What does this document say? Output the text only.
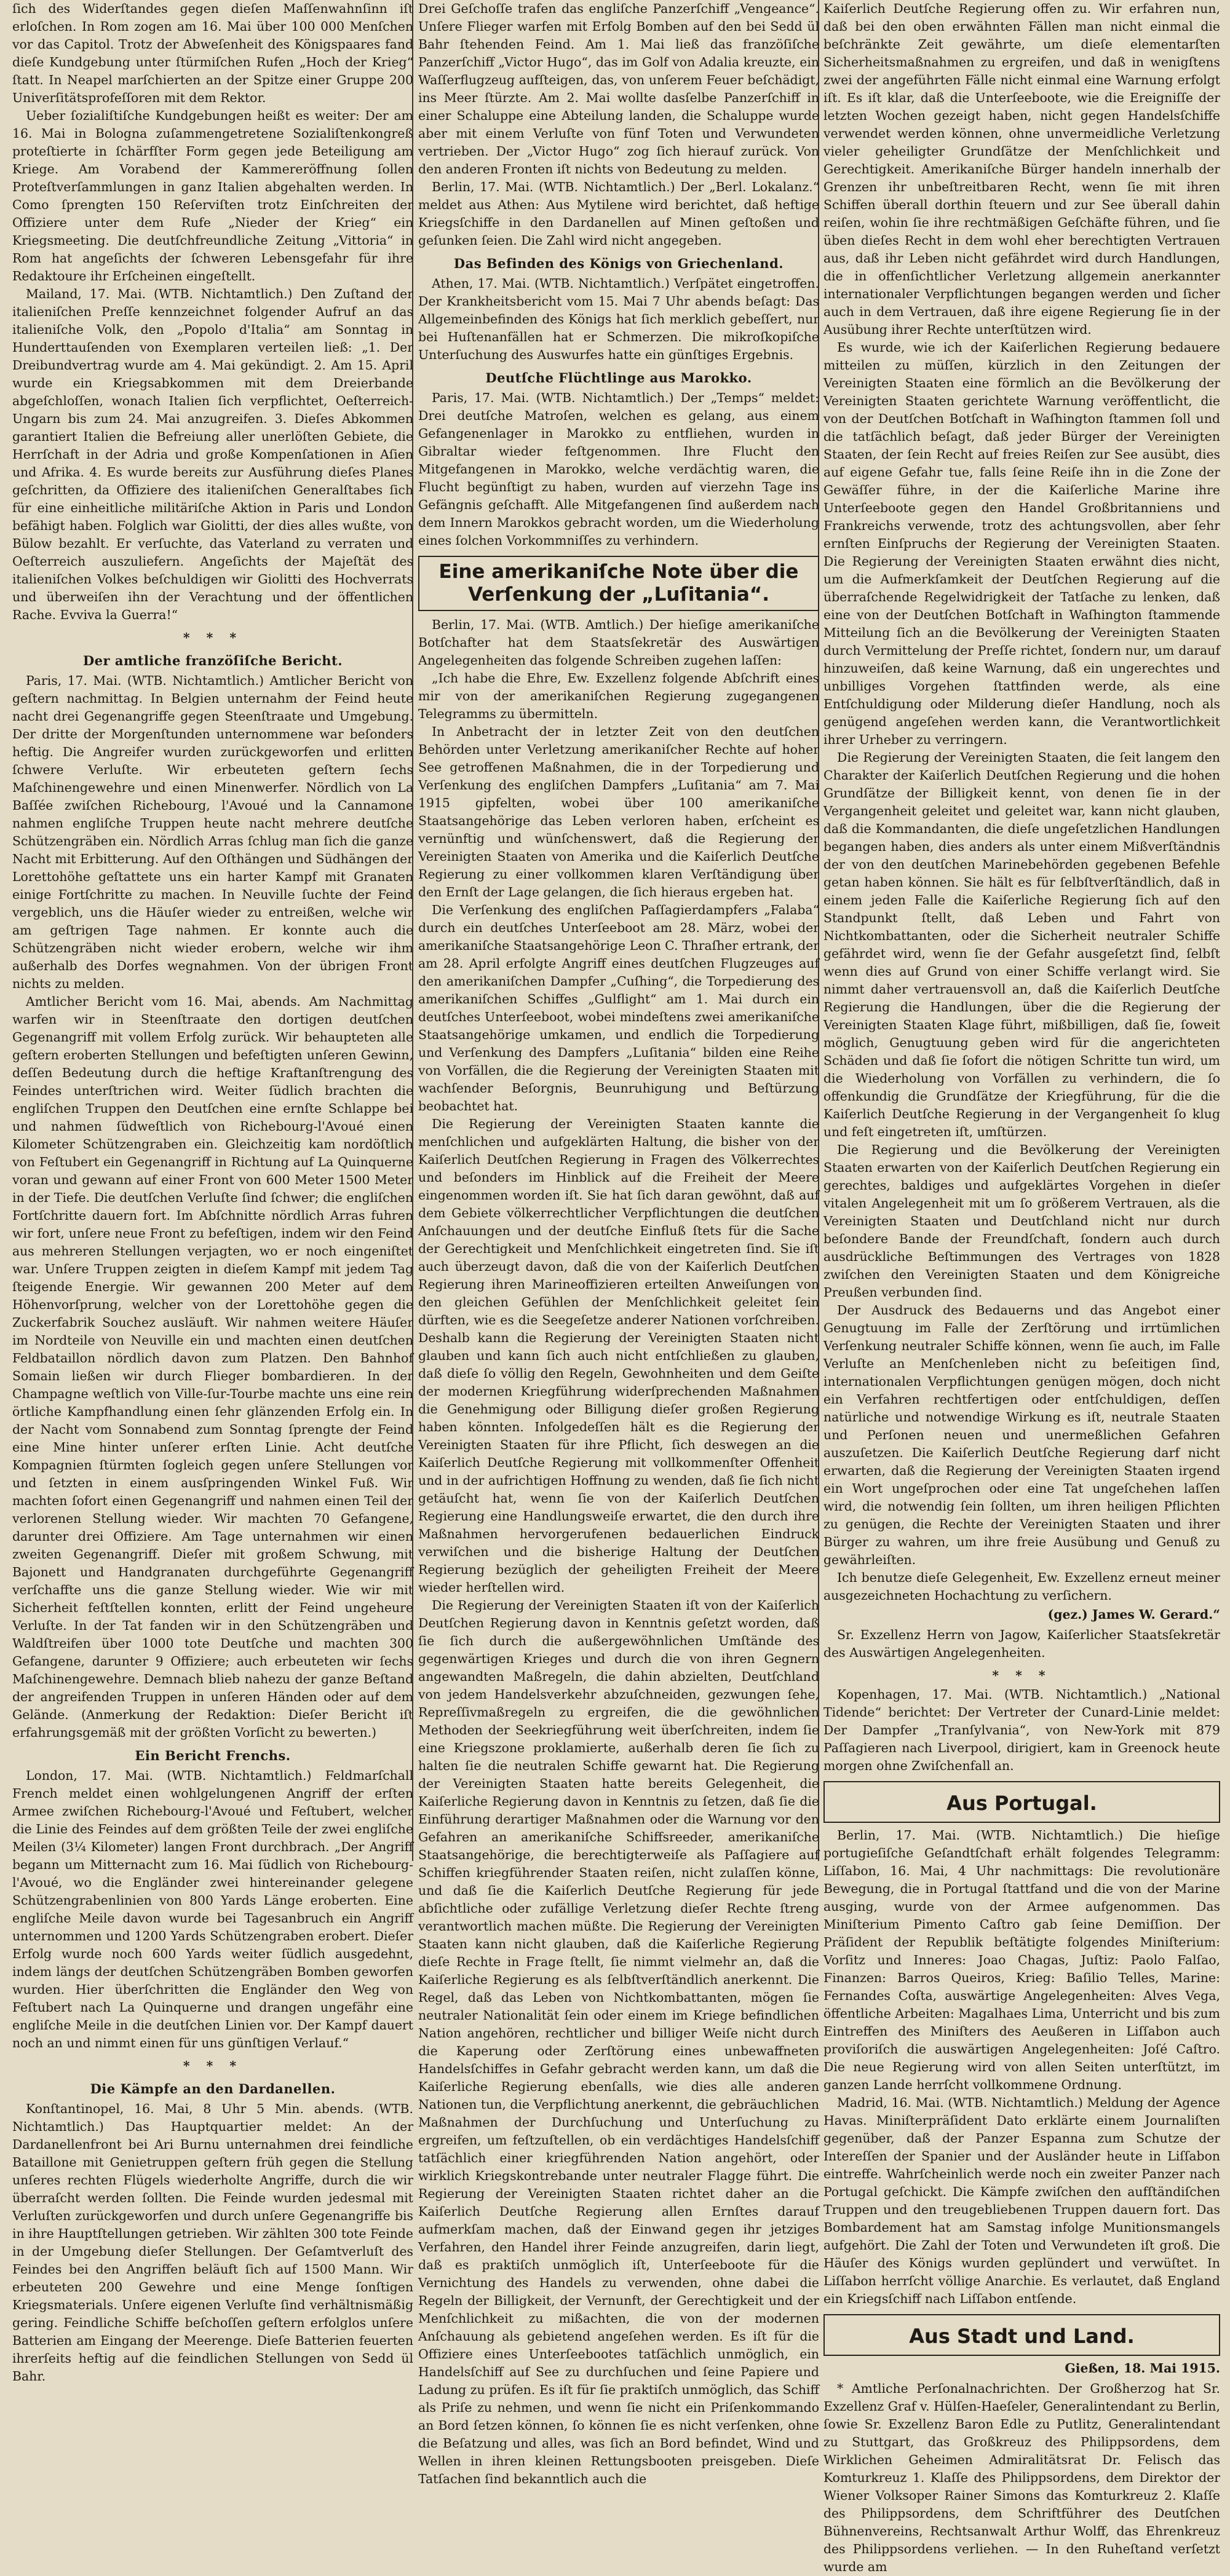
ſich des Widerſtandes gegen dieſen Maſſenwahnſinn iſt erloſchen. In Rom zogen am 16. Mai über 100 000 Menſchen vor das Capitol. Trotz der Abweſenheit des Königspaares fand dieſe Kundgebung unter ſtürmiſchen Rufen „Hoch der Krieg“ ſtatt. In Neapel marſchierten an der Spitze einer Gruppe 200 Univerſitätsprofeſſoren mit dem Rektor.

Ueber ſozialiſtiſche Kundgebungen heißt es weiter: Der am 16. Mai in Bologna zuſammengetretene Sozialiſtenkongreß proteſtierte in ſchärfſter Form gegen jede Beteiligung am Kriege. Am Vorabend der Kammereröffnung ſollen Proteſtverſammlungen in ganz Italien abgehalten werden. In Como ſprengten 150 Reſerviſten trotz Einſchreiten der Offiziere unter dem Rufe „Nieder der Krieg“ ein Kriegsmeeting. Die deutſchfreundliche Zeitung „Vittoria“ in Rom hat angeſichts der ſchweren Lebensgefahr für ihre Redaktoure ihr Erſcheinen eingeſtellt.

Mailand, 17. Mai. (WTB. Nichtamtlich.) Den Zuſtand der italieniſchen Preſſe kennzeichnet folgender Aufruf an das italieniſche Volk, den „Popolo d'Italia“ am Sonntag in Hunderttauſenden von Exemplaren verteilen ließ: „1. Der Dreibundvertrag wurde am 4. Mai gekündigt. 2. Am 15. April wurde ein Kriegsabkommen mit dem Dreierbande abgeſchloſſen, wonach Italien ſich verpflichtet, Oeſterreich-Ungarn bis zum 24. Mai anzugreifen. 3. Dieſes Abkommen garantiert Italien die Befreiung aller unerlöſten Gebiete, die Herrſchaft in der Adria und große Kompenſationen in Aſien und Afrika. 4. Es wurde bereits zur Ausführung dieſes Planes geſchritten, da Offiziere des italieniſchen Generalſtabes ſich für eine einheitliche militäriſche Aktion in Paris und London befähigt haben. Folglich war Giolitti, der dies alles wußte, von Bülow bezahlt. Er verſuchte, das Vaterland zu verraten und Oeſterreich auszuliefern. Angeſichts der Majeſtät des italieniſchen Volkes beſchuldigen wir Giolitti des Hochverrats und überweiſen ihn der Verachtung und der öffentlichen Rache. Evviva la Guerra!“

* * *
Der amtliche franzöſiſche Bericht.

Paris, 17. Mai. (WTB. Nichtamtlich.) Amtlicher Bericht von geſtern nachmittag. In Belgien unternahm der Feind heute nacht drei Gegenangriffe gegen Steenſtraate und Umgebung. Der dritte der Morgenſtunden unternommene war beſonders heftig. Die Angreifer wurden zurückgeworfen und erlitten ſchwere Verluſte. Wir erbeuteten geſtern ſechs Maſchinengewehre und einen Minenwerfer. Nördlich von La Baſſée zwiſchen Richebourg, l'Avoué und la Cannamone nahmen engliſche Truppen heute nacht mehrere deutſche Schützengräben ein. Nördlich Arras ſchlug man ſich die ganze Nacht mit Erbitterung. Auf den Oſthängen und Südhängen der Lorettohöhe geſtattete uns ein harter Kampf mit Granaten einige Fortſchritte zu machen. In Neuville ſuchte der Feind vergeblich, uns die Häuſer wieder zu entreißen, welche wir am geſtrigen Tage nahmen. Er konnte auch die Schützengräben nicht wieder erobern, welche wir ihm außerhalb des Dorfes wegnahmen. Von der übrigen Front nichts zu melden.

Amtlicher Bericht vom 16. Mai, abends. Am Nachmittag warfen wir in Steenſtraate den dortigen deutſchen Gegenangriff mit vollem Erfolg zurück. Wir behaupteten alle geſtern eroberten Stellungen und befeſtigten unſeren Gewinn, deſſen Bedeutung durch die heftige Kraftanſtrengung des Feindes unterſtrichen wird. Weiter ſüdlich brachten die engliſchen Truppen den Deutſchen eine ernſte Schlappe bei und nahmen ſüdweſtlich von Richebourg-l'Avoué einen Kilometer Schützengraben ein. Gleichzeitig kam nordöſtlich von Feſtubert ein Gegenangriff in Richtung auf La Quinquerne voran und gewann auf einer Front von 600 Meter 1500 Meter in der Tiefe. Die deutſchen Verluſte ſind ſchwer; die engliſchen Fortſchritte dauern fort. Im Abſchnitte nördlich Arras fuhren wir fort, unſere neue Front zu befeſtigen, indem wir den Feind aus mehreren Stellungen verjagten, wo er noch eingeniſtet war. Unſere Truppen zeigten in dieſem Kampf mit jedem Tag ſteigende Energie. Wir gewannen 200 Meter auf dem Höhenvorſprung, welcher von der Lorettohöhe gegen die Zuckerfabrik Souchez ausläuft. Wir nahmen weitere Häuſer im Nordteile von Neuville ein und machten einen deutſchen Feldbataillon nördlich davon zum Platzen. Den Bahnhof Somain ließen wir durch Flieger bombardieren. In der Champagne weſtlich von Ville-ſur-Tourbe machte uns eine rein örtliche Kampfhandlung einen ſehr glänzenden Erfolg ein. In der Nacht vom Sonnabend zum Sonntag ſprengte der Feind eine Mine hinter unſerer erſten Linie. Acht deutſche Kompagnien ſtürmten ſogleich gegen unſere Stellungen vor und ſetzten in einem ausſpringenden Winkel Fuß. Wir machten ſofort einen Gegenangriff und nahmen einen Teil der verlorenen Stellung wieder. Wir machten 70 Gefangene, darunter drei Offiziere. Am Tage unternahmen wir einen zweiten Gegenangriff. Dieſer mit großem Schwung, mit Bajonett und Handgranaten durchgeführte Gegenangriff verſchaffte uns die ganze Stellung wieder. Wie wir mit Sicherheit feſtſtellen konnten, erlitt der Feind ungeheure Verluſte. In der Tat fanden wir in den Schützengräben und Waldſtreifen über 1000 tote Deutſche und machten 300 Gefangene, darunter 9 Offiziere; auch erbeuteten wir ſechs Maſchinengewehre. Demnach blieb nahezu der ganze Beſtand der angreifenden Truppen in unſeren Händen oder auf dem Gelände. (Anmerkung der Redaktion: Dieſer Bericht iſt erfahrungsgemäß mit der größten Vorſicht zu bewerten.)

Ein Bericht Frenchs.

London, 17. Mai. (WTB. Nichtamtlich.) Feldmarſchall French meldet einen wohlgelungenen Angriff der erſten Armee zwiſchen Richebourg-l'Avoué und Feſtubert, welcher die Linie des Feindes auf dem größten Teile der zwei engliſche Meilen (3¼ Kilometer) langen Front durchbrach. „Der Angriff begann um Mitternacht zum 16. Mai ſüdlich von Richebourg-l'Avoué, wo die Engländer zwei hintereinander gelegene Schützengrabenlinien von 800 Yards Länge eroberten. Eine engliſche Meile davon wurde bei Tagesanbruch ein Angriff unternommen und 1200 Yards Schützengraben erobert. Dieſer Erfolg wurde noch 600 Yards weiter ſüdlich ausgedehnt, indem längs der deutſchen Schützengräben Bomben geworfen wurden. Hier überſchritten die Engländer den Weg von Feſtubert nach La Quinquerne und drangen ungefähr eine engliſche Meile in die deutſchen Linien vor. Der Kampf dauert noch an und nimmt einen für uns günſtigen Verlauf.“

* * *
Die Kämpfe an den Dardanellen.

Konſtantinopel, 16. Mai, 8 Uhr 5 Min. abends. (WTB. Nichtamtlich.) Das Hauptquartier meldet: An der Dardanellenfront bei Ari Burnu unternahmen drei feindliche Bataillone mit Genietruppen geſtern früh gegen die Stellung unſeres rechten Flügels wiederholte Angriffe, durch die wir überraſcht werden ſollten. Die Feinde wurden jedesmal mit Verluſten zurückgeworfen und durch unſere Gegenangriffe bis in ihre Hauptſtellungen getrieben. Wir zählten 300 tote Feinde in der Umgebung dieſer Stellungen. Der Geſamtverluſt des Feindes bei den Angriffen beläuft ſich auf 1500 Mann. Wir erbeuteten 200 Gewehre und eine Menge ſonſtigen Kriegsmaterials. Unſere eigenen Verluſte ſind verhältnismäßig gering. Feindliche Schiffe beſchoſſen geſtern erfolglos unſere Batterien am Eingang der Meerenge. Dieſe Batterien feuerten ihrerſeits heftig auf die feindlichen Stellungen von Sedd ül Bahr.

Drei Geſchoſſe trafen das engliſche Panzerſchiff „Vengeance“. Unſere Flieger warfen mit Erfolg Bomben auf den bei Sedd ül Bahr ſtehenden Feind. Am 1. Mai ließ das franzöſiſche Panzerſchiff „Victor Hugo“, das im Golf von Adalia kreuzte, ein Waſſerflugzeug aufſteigen, das, von unſerem Feuer beſchädigt, ins Meer ſtürzte. Am 2. Mai wollte dasſelbe Panzerſchiff in einer Schaluppe eine Abteilung landen, die Schaluppe wurde aber mit einem Verluſte von fünf Toten und Verwundeten vertrieben. Der „Victor Hugo“ zog ſich hierauf zurück. Von den anderen Fronten iſt nichts von Bedeutung zu melden.

Berlin, 17. Mai. (WTB. Nichtamtlich.) Der „Berl. Lokalanz.“ meldet aus Athen: Aus Mytilene wird berichtet, daß heftige Kriegsſchiffe in den Dardanellen auf Minen geſtoßen und geſunken ſeien. Die Zahl wird nicht angegeben.

Das Befinden des Königs von Griechenland.

Athen, 17. Mai. (WTB. Nichtamtlich.) Verſpätet eingetroffen. Der Krankheitsbericht vom 15. Mai 7 Uhr abends beſagt: Das Allgemeinbefinden des Königs hat ſich merklich gebeſſert, nur bei Huſtenanfällen hat er Schmerzen. Die mikroſkopiſche Unterſuchung des Auswurfes hatte ein günſtiges Ergebnis.

Deutſche Flüchtlinge aus Marokko.

Paris, 17. Mai. (WTB. Nichtamtlich.) Der „Temps“ meldet: Drei deutſche Matroſen, welchen es gelang, aus einem Gefangenenlager in Marokko zu entfliehen, wurden in Gibraltar wieder feſtgenommen. Ihre Flucht den Mitgefangenen in Marokko, welche verdächtig waren, die Flucht begünſtigt zu haben, wurden auf vierzehn Tage ins Gefängnis geſchafft. Alle Mitgefangenen ſind außerdem nach dem Innern Marokkos gebracht worden, um die Wiederholung eines ſolchen Vorkommniſſes zu verhindern.

Eine amerikaniſche Note über die Verſenkung der „Luſitania“.

Berlin, 17. Mai. (WTB. Amtlich.) Der hieſige amerikaniſche Botſchafter hat dem Staatsſekretär des Auswärtigen Angelegenheiten das folgende Schreiben zugehen laſſen:

„Ich habe die Ehre, Ew. Exzellenz folgende Abſchrift eines mir von der amerikaniſchen Regierung zugegangenen Telegramms zu übermitteln.

In Anbetracht der in letzter Zeit von den deutſchen Behörden unter Verletzung amerikaniſcher Rechte auf hoher See getroffenen Maßnahmen, die in der Torpedierung und Verſenkung des engliſchen Dampfers „Luſitania“ am 7. Mai 1915 gipfelten, wobei über 100 amerikaniſche Staatsangehörige das Leben verloren haben, erſcheint es vernünftig und wünſchenswert, daß die Regierung der Vereinigten Staaten von Amerika und die Kaiſerlich Deutſche Regierung zu einer vollkommen klaren Verſtändigung über den Ernſt der Lage gelangen, die ſich hieraus ergeben hat.

Die Verſenkung des engliſchen Paſſagierdampfers „Falaba“ durch ein deutſches Unterſeeboot am 28. März, wobei der amerikaniſche Staatsangehörige Leon C. Thraſher ertrank, der am 28. April erfolgte Angriff eines deutſchen Flugzeuges auf den amerikaniſchen Dampfer „Cuſhing“, die Torpedierung des amerikaniſchen Schiffes „Gulflight“ am 1. Mai durch ein deutſches Unterſeeboot, wobei mindeſtens zwei amerikaniſche Staatsangehörige umkamen, und endlich die Torpedierung und Verſenkung des Dampfers „Luſitania“ bilden eine Reihe von Vorfällen, die die Regierung der Vereinigten Staaten mit wachſender Beſorgnis, Beunruhigung und Beſtürzung beobachtet hat.

Die Regierung der Vereinigten Staaten kannte die menſchlichen und aufgeklärten Haltung, die bisher von der Kaiſerlich Deutſchen Regierung in Fragen des Völkerrechtes und beſonders im Hinblick auf die Freiheit der Meere eingenommen worden iſt. Sie hat ſich daran gewöhnt, daß auf dem Gebiete völkerrechtlicher Verpflichtungen die deutſchen Anſchauungen und der deutſche Einfluß ſtets für die Sache der Gerechtigkeit und Menſchlichkeit eingetreten ſind. Sie iſt auch überzeugt davon, daß die von der Kaiſerlich Deutſchen Regierung ihren Marineoffizieren erteilten Anweiſungen von den gleichen Gefühlen der Menſchlichkeit geleitet ſein dürften, wie es die Seegeſetze anderer Nationen vorſchreiben. Deshalb kann die Regierung der Vereinigten Staaten nicht glauben und kann ſich auch nicht entſchließen zu glauben, daß dieſe ſo völlig den Regeln, Gewohnheiten und dem Geiſte der modernen Kriegführung widerſprechenden Maßnahmen die Genehmigung oder Billigung dieſer großen Regierung haben könnten. Infolgedeſſen hält es die Regierung der Vereinigten Staaten für ihre Pflicht, ſich deswegen an die Kaiſerlich Deutſche Regierung mit vollkommenſter Offenheit und in der aufrichtigen Hoffnung zu wenden, daß ſie ſich nicht getäuſcht hat, wenn ſie von der Kaiſerlich Deutſchen Regierung eine Handlungsweiſe erwartet, die den durch ihre Maßnahmen hervorgerufenen bedauerlichen Eindruck verwiſchen und die bisherige Haltung der Deutſchen Regierung bezüglich der geheiligten Freiheit der Meere wieder herſtellen wird.

Die Regierung der Vereinigten Staaten iſt von der Kaiſerlich Deutſchen Regierung davon in Kenntnis geſetzt worden, daß ſie ſich durch die außergewöhnlichen Umſtände des gegenwärtigen Krieges und durch die von ihren Gegnern angewandten Maßregeln, die dahin abzielten, Deutſchland von jedem Handelsverkehr abzuſchneiden, gezwungen ſehe, Repreſſivmaßregeln zu ergreifen, die die gewöhnlichen Methoden der Seekriegführung weit überſchreiten, indem ſie eine Kriegszone proklamierte, außerhalb deren ſie ſich zu halten ſie die neutralen Schiffe gewarnt hat. Die Regierung der Vereinigten Staaten hatte bereits Gelegenheit, die Kaiſerliche Regierung davon in Kenntnis zu ſetzen, daß ſie die Einführung derartiger Maßnahmen oder die Warnung vor den Gefahren an amerikaniſche Schiffsreeder, amerikaniſche Staatsangehörige, die berechtigterweiſe als Paſſagiere auf Schiffen kriegführender Staaten reiſen, nicht zulaſſen könne, und daß ſie die Kaiſerlich Deutſche Regierung für jede abſichtliche oder zufällige Verletzung dieſer Rechte ſtreng verantwortlich machen müßte. Die Regierung der Vereinigten Staaten kann nicht glauben, daß die Kaiſerliche Regierung dieſe Rechte in Frage ſtellt, ſie nimmt vielmehr an, daß die Kaiſerliche Regierung es als ſelbſtverſtändlich anerkennt. Die Regel, daß das Leben von Nichtkombattanten, mögen ſie neutraler Nationalität ſein oder einem im Kriege befindlichen Nation angehören, rechtlicher und billiger Weiſe nicht durch die Kaperung oder Zerſtörung eines unbewaffneten Handelsſchiffes in Gefahr gebracht werden kann, um daß die Kaiſerliche Regierung ebenſalls, wie dies alle anderen Nationen tun, die Verpflichtung anerkennt, die gebräuchlichen Maßnahmen der Durchſuchung und Unterſuchung zu ergreifen, um feſtzuſtellen, ob ein verdächtiges Handelsſchiff tatſächlich einer kriegführenden Nation angehört, oder wirklich Kriegskontrebande unter neutraler Flagge führt. Die Regierung der Vereinigten Staaten richtet daher an die Kaiſerlich Deutſche Regierung allen Ernſtes darauf aufmerkſam machen, daß der Einwand gegen ihr jetziges Verfahren, den Handel ihrer Feinde anzugreifen, darin liegt, daß es praktiſch unmöglich iſt, Unterſeeboote für die Vernichtung des Handels zu verwenden, ohne dabei die Regeln der Billigkeit, der Vernunft, der Gerechtigkeit und der Menſchlichkeit zu mißachten, die von der modernen Anſchauung als gebietend angeſehen werden. Es iſt für die Offiziere eines Unterſeebootes tatſächlich unmöglich, ein Handelsſchiff auf See zu durchſuchen und ſeine Papiere und Ladung zu prüfen. Es iſt für ſie praktiſch unmöglich, das Schiff als Priſe zu nehmen, und wenn ſie nicht ein Priſenkommando an Bord ſetzen können, ſo können ſie es nicht verſenken, ohne die Beſatzung und alles, was ſich an Bord befindet, Wind und Wellen in ihren kleinen Rettungsbooten preisgeben. Dieſe Tatſachen ſind bekanntlich auch die

Kaiſerlich Deutſche Regierung offen zu. Wir erfahren nun, daß bei den oben erwähnten Fällen man nicht einmal die beſchränkte Zeit gewährte, um dieſe elementarſten Sicherheitsmaßnahmen zu ergreifen, und daß in wenigſtens zwei der angeführten Fälle nicht einmal eine Warnung erfolgt iſt. Es iſt klar, daß die Unterſeeboote, wie die Ereigniſſe der letzten Wochen gezeigt haben, nicht gegen Handelsſchiffe verwendet werden können, ohne unvermeidliche Verletzung vieler geheiligter Grundſätze der Menſchlichkeit und Gerechtigkeit. Amerikaniſche Bürger handeln innerhalb der Grenzen ihr unbeſtreitbaren Recht, wenn ſie mit ihren Schiffen überall dorthin ſteuern und zur See überall dahin reiſen, wohin ſie ihre rechtmäßigen Geſchäfte führen, und ſie üben dieſes Recht in dem wohl eher berechtigten Vertrauen aus, daß ihr Leben nicht gefährdet wird durch Handlungen, die in offenſichtlicher Verletzung allgemein anerkannter internationaler Verpflichtungen begangen werden und ſicher auch in dem Vertrauen, daß ihre eigene Regierung ſie in der Ausübung ihrer Rechte unterſtützen wird.

Es wurde, wie ich der Kaiſerlichen Regierung bedauere mitteilen zu müſſen, kürzlich in den Zeitungen der Vereinigten Staaten eine förmlich an die Bevölkerung der Vereinigten Staaten gerichtete Warnung veröffentlicht, die von der Deutſchen Botſchaft in Waſhington ſtammen ſoll und die tatſächlich beſagt, daß jeder Bürger der Vereinigten Staaten, der ſein Recht auf freies Reiſen zur See ausübt, dies auf eigene Gefahr tue, falls ſeine Reiſe ihn in die Zone der Gewäſſer führe, in der die Kaiſerliche Marine ihre Unterſeeboote gegen den Handel Großbritanniens und Frankreichs verwende, trotz des achtungsvollen, aber ſehr ernſten Einſpruchs der Regierung der Vereinigten Staaten. Die Regierung der Vereinigten Staaten erwähnt dies nicht, um die Aufmerkſamkeit der Deutſchen Regierung auf die überraſchende Regelwidrigkeit der Tatſache zu lenken, daß eine von der Deutſchen Botſchaft in Waſhington ſtammende Mitteilung ſich an die Bevölkerung der Vereinigten Staaten durch Vermittelung der Preſſe richtet, ſondern nur, um darauf hinzuweiſen, daß keine Warnung, daß ein ungerechtes und unbilliges Vorgehen ſtattfinden werde, als eine Entſchuldigung oder Milderung dieſer Handlung, noch als genügend angeſehen werden kann, die Verantwortlichkeit ihrer Urheber zu verringern.

Die Regierung der Vereinigten Staaten, die ſeit langem den Charakter der Kaiſerlich Deutſchen Regierung und die hohen Grundſätze der Billigkeit kennt, von denen ſie in der Vergangenheit geleitet und geleitet war, kann nicht glauben, daß die Kommandanten, die dieſe ungeſetzlichen Handlungen begangen haben, dies anders als unter einem Mißverſtändnis der von den deutſchen Marinebehörden gegebenen Befehle getan haben können. Sie hält es für ſelbſtverſtändlich, daß in einem jeden Falle die Kaiſerliche Regierung ſich auf den Standpunkt ſtellt, daß Leben und Fahrt von Nichtkombattanten, oder die Sicherheit neutraler Schiffe gefährdet wird, wenn ſie der Gefahr ausgeſetzt ſind, ſelbſt wenn dies auf Grund von einer Schiffe verlangt wird. Sie nimmt daher vertrauensvoll an, daß die Kaiſerlich Deutſche Regierung die Handlungen, über die die Regierung der Vereinigten Staaten Klage führt, mißbilligen, daß ſie, ſoweit möglich, Genugtuung geben wird für die angerichteten Schäden und daß ſie ſofort die nötigen Schritte tun wird, um die Wiederholung von Vorfällen zu verhindern, die ſo offenkundig die Grundſätze der Kriegführung, für die die Kaiſerlich Deutſche Regierung in der Vergangenheit ſo klug und feſt eingetreten iſt, umſtürzen.

Die Regierung und die Bevölkerung der Vereinigten Staaten erwarten von der Kaiſerlich Deutſchen Regierung ein gerechtes, baldiges und aufgeklärtes Vorgehen in dieſer vitalen Angelegenheit mit um ſo größerem Vertrauen, als die Vereinigten Staaten und Deutſchland nicht nur durch beſondere Bande der Freundſchaft, ſondern auch durch ausdrückliche Beſtimmungen des Vertrages von 1828 zwiſchen den Vereinigten Staaten und dem Königreiche Preußen verbunden ſind.

Der Ausdruck des Bedauerns und das Angebot einer Genugtuung im Falle der Zerſtörung und irrtümlichen Verſenkung neutraler Schiffe können, wenn ſie auch, im Falle Verluſte an Menſchenleben nicht zu beſeitigen ſind, internationalen Verpflichtungen genügen mögen, doch nicht ein Verfahren rechtfertigen oder entſchuldigen, deſſen natürliche und notwendige Wirkung es iſt, neutrale Staaten und Perſonen neuen und unermeßlichen Gefahren auszuſetzen. Die Kaiſerlich Deutſche Regierung darf nicht erwarten, daß die Regierung der Vereinigten Staaten irgend ein Wort ungeſprochen oder eine Tat ungeſchehen laſſen wird, die notwendig ſein ſollten, um ihren heiligen Pflichten zu genügen, die Rechte der Vereinigten Staaten und ihrer Bürger zu wahren, um ihre freie Ausübung und Genuß zu gewährleiſten.

Ich benutze dieſe Gelegenheit, Ew. Exzellenz erneut meiner ausgezeichneten Hochachtung zu verſichern.

(gez.) James W. Gerard.“

Sr. Exzellenz Herrn von Jagow, Kaiſerlicher Staatsſekretär des Auswärtigen Angelegenheiten.

* * *

Kopenhagen, 17. Mai. (WTB. Nichtamtlich.) „National Tidende“ berichtet: Der Vertreter der Cunard-Linie meldet: Der Dampfer „Tranſylvania“, von New-York mit 879 Paſſagieren nach Liverpool, dirigiert, kam in Greenock heute morgen ohne Zwiſchenfall an.

Aus Portugal.

Berlin, 17. Mai. (WTB. Nichtamtlich.) Die hieſige portugieſiſche Geſandtſchaft erhält folgendes Telegramm: Liſſabon, 16. Mai, 4 Uhr nachmittags: Die revolutionäre Bewegung, die in Portugal ſtattfand und die von der Marine ausging, wurde von der Armee aufgenommen. Das Miniſterium Pimento Caſtro gab ſeine Demiſſion. Der Präſident der Republik beſtätigte folgendes Miniſterium: Vorſitz und Inneres: Joao Chagas, Juſtiz: Paolo Falſao, Finanzen: Barros Queiros, Krieg: Baſilio Telles, Marine: Fernandes Coſta, auswärtige Angelegenheiten: Alves Vega, öffentliche Arbeiten: Magalhaes Lima, Unterricht und bis zum Eintreffen des Miniſters des Aeußeren in Liſſabon auch proviſoriſch die auswärtigen Angelegenheiten: Joſé Caſtro. Die neue Regierung wird von allen Seiten unterſtützt, im ganzen Lande herrſcht vollkommene Ordnung.

Madrid, 16. Mai. (WTB. Nichtamtlich.) Meldung der Agence Havas. Miniſterpräſident Dato erklärte einem Journaliſten gegenüber, daß der Panzer Espanna zum Schutze der Intereſſen der Spanier und der Ausländer heute in Liſſabon eintreffe. Wahrſcheinlich werde noch ein zweiter Panzer nach Portugal geſchickt. Die Kämpfe zwiſchen den aufſtändiſchen Truppen und den treugebliebenen Truppen dauern fort. Das Bombardement hat am Samstag infolge Munitionsmangels aufgehört. Die Zahl der Toten und Verwundeten iſt groß. Die Häuſer des Königs wurden geplündert und verwüſtet. In Liſſabon herrſcht völlige Anarchie. Es verlautet, daß England ein Kriegsſchiff nach Liſſabon entſende.

Aus Stadt und Land.
Gießen, 18. Mai 1915.

* Amtliche Perſonalnachrichten. Der Großherzog hat Sr. Exzellenz Graf v. Hülſen-Haeſeler, Generalintendant zu Berlin, ſowie Sr. Exzellenz Baron Edle zu Putlitz, Generalintendant zu Stuttgart, das Großkreuz des Philippsordens, dem Wirklichen Geheimen Admiralitätsrat Dr. Felisch das Komturkreuz 1. Klaſſe des Philippsordens, dem Direktor der Wiener Volksoper Rainer Simons das Komturkreuz 2. Klaſſe des Philippsordens, dem Schriftführer des Deutſchen Bühnenvereins, Rechtsanwalt Arthur Wolff, das Ehrenkreuz des Philippsordens verliehen. — In den Ruheſtand verſetzt wurde am
